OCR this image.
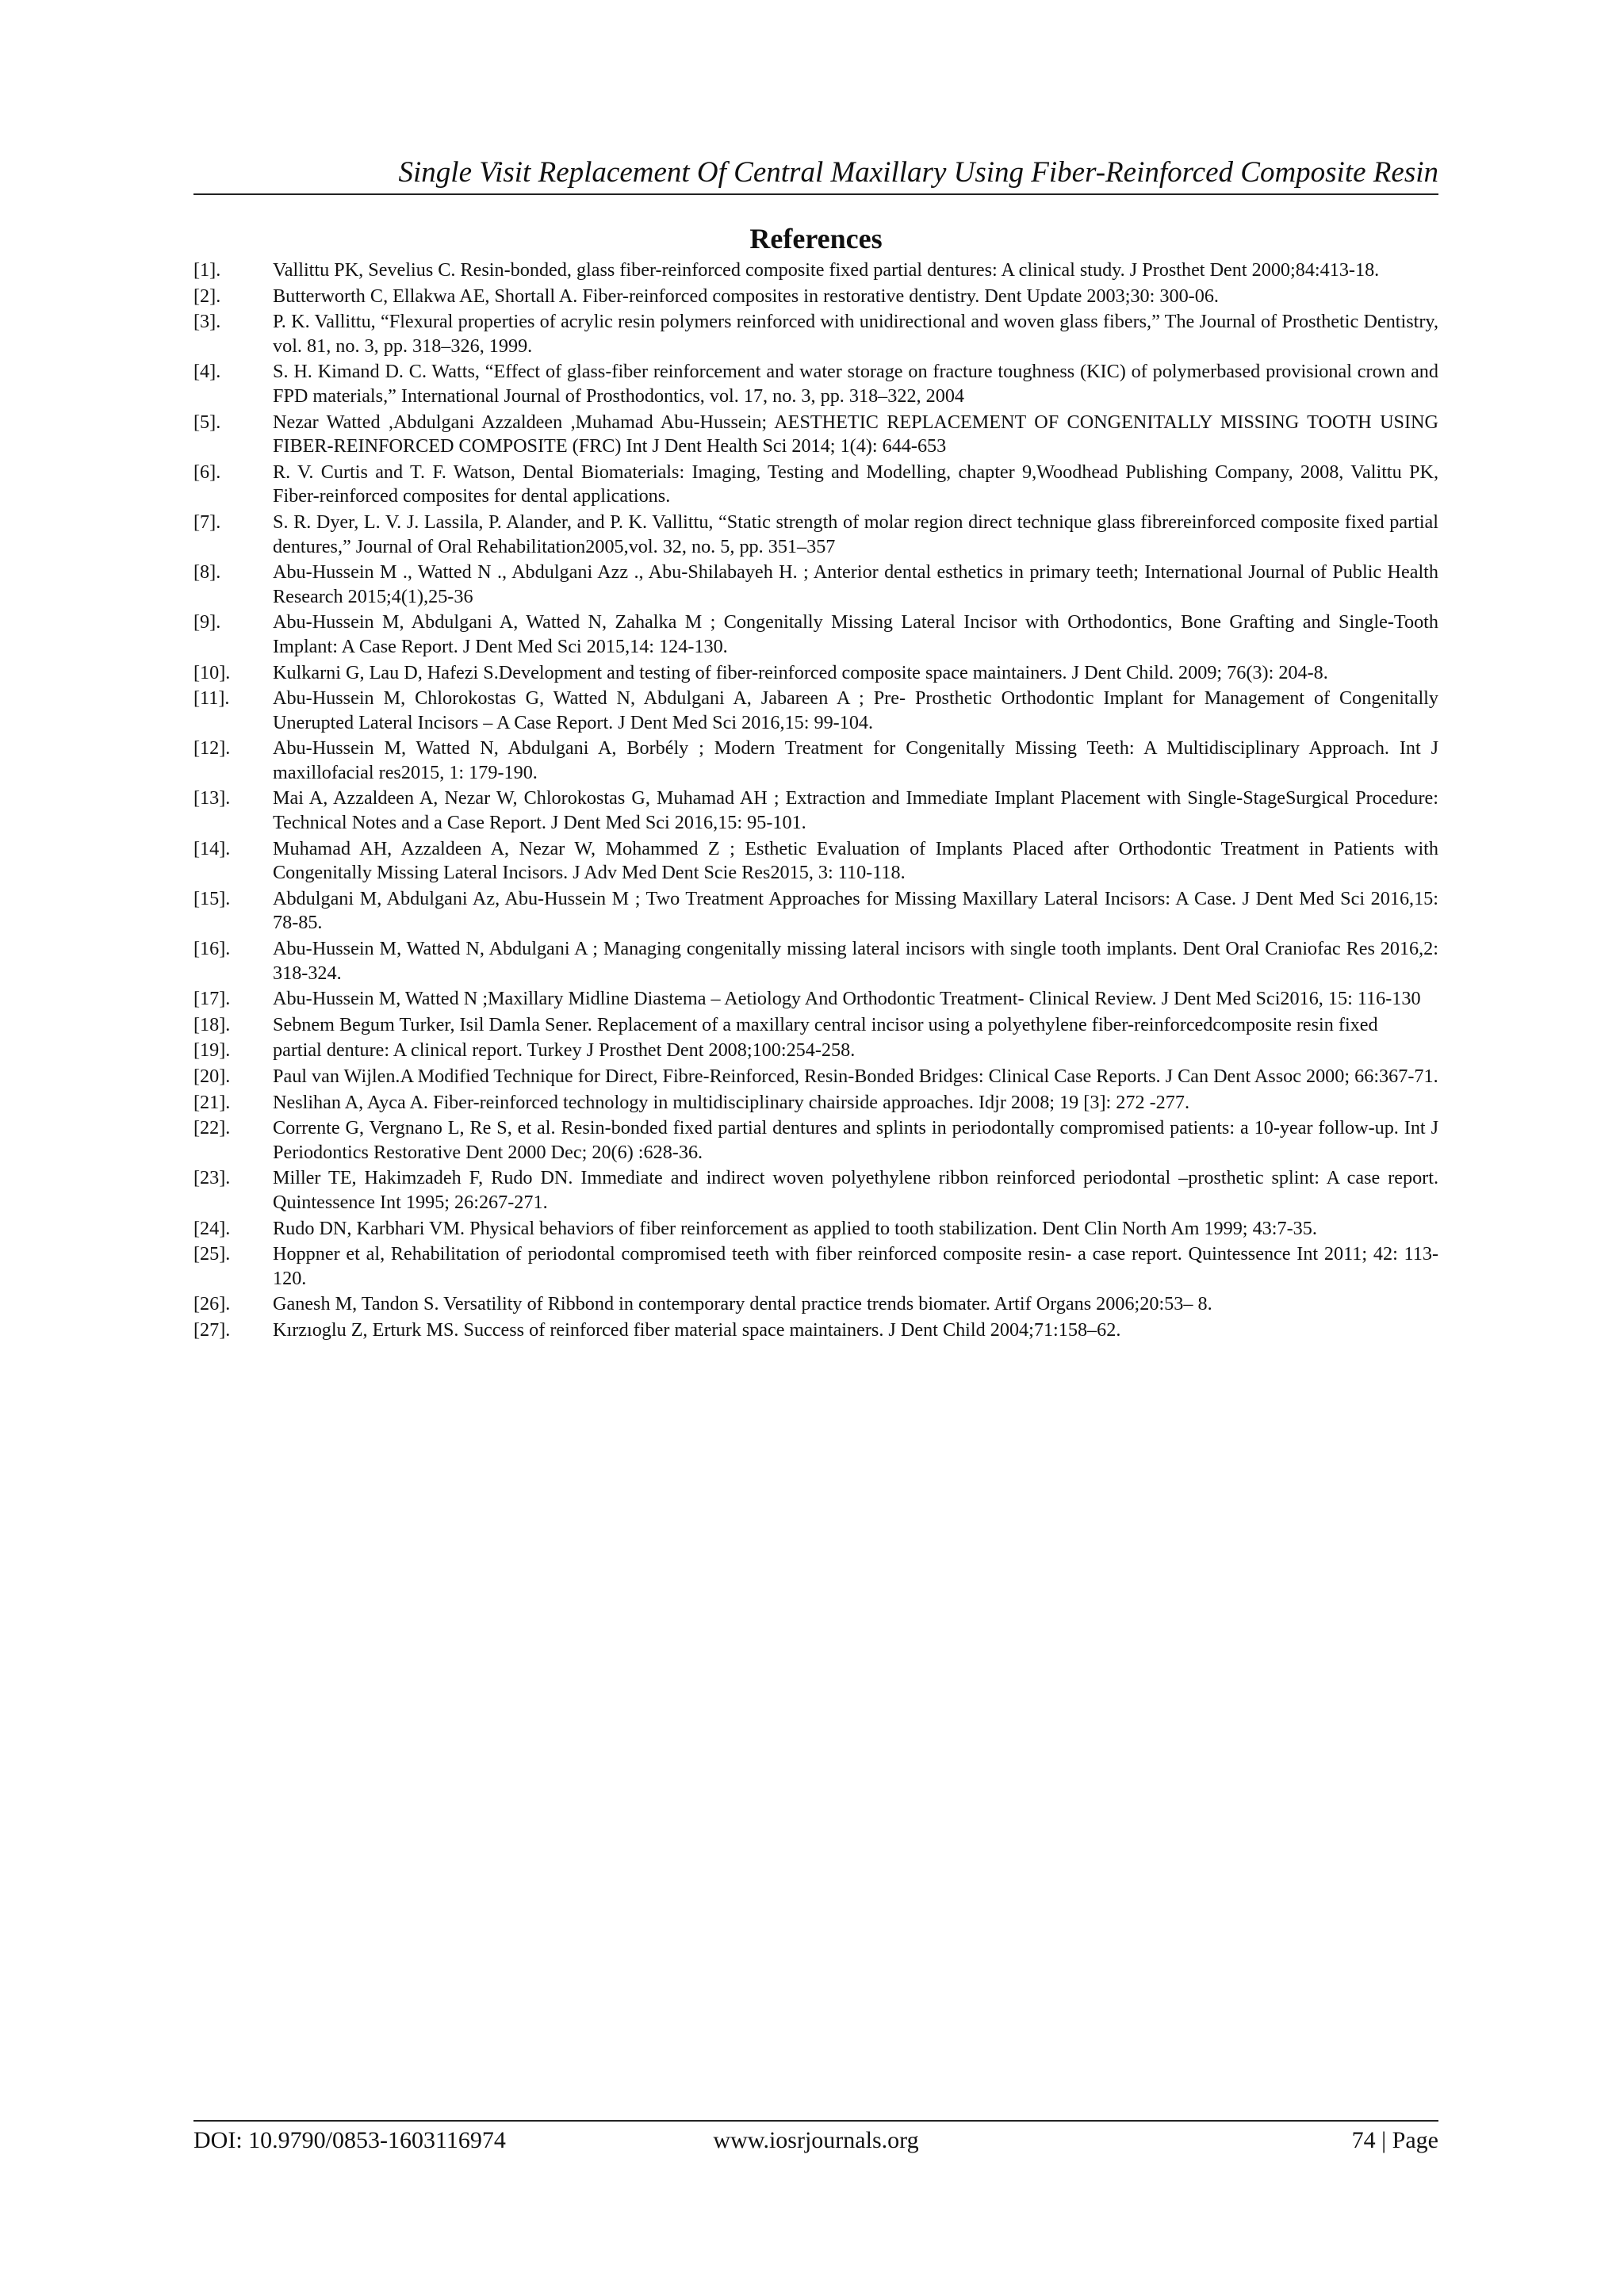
Single Visit Replacement Of Central Maxillary Using Fiber-Reinforced Composite Resin
References
[1].	Vallittu PK, Sevelius C. Resin-bonded, glass fiber-reinforced composite fixed partial dentures: A clinical study. J Prosthet Dent 2000;84:413-18.
[2].	Butterworth C, Ellakwa AE, Shortall A. Fiber-reinforced composites in restorative dentistry. Dent Update 2003;30: 300-06.
[3].	P. K. Vallittu, “Flexural properties of acrylic resin polymers reinforced with unidirectional and woven glass fibers,” The Journal of Prosthetic Dentistry, vol. 81, no. 3, pp. 318–326, 1999.
[4].	S. H. Kimand D. C. Watts, “Effect of glass-fiber reinforcement and water storage on fracture toughness (KIC) of polymerbased provisional crown and FPD materials,” International Journal of Prosthodontics, vol. 17, no. 3, pp. 318–322, 2004
[5].	Nezar Watted ,Abdulgani Azzaldeen ,Muhamad Abu-Hussein; AESTHETIC REPLACEMENT OF CONGENITALLY MISSING TOOTH USING FIBER-REINFORCED COMPOSITE (FRC) Int J Dent Health Sci 2014; 1(4): 644-653
[6].	R. V. Curtis and T. F. Watson, Dental Biomaterials: Imaging, Testing and Modelling, chapter 9,Woodhead Publishing Company, 2008, Valittu PK, Fiber-reinforced composites for dental applications.
[7].	S. R. Dyer, L. V. J. Lassila, P. Alander, and P. K. Vallittu, “Static strength of molar region direct technique glass fibrereinforced composite fixed partial dentures,” Journal of Oral Rehabilitation2005,vol. 32, no. 5, pp. 351–357
[8].	Abu-Hussein M ., Watted N ., Abdulgani Azz ., Abu-Shilabayeh H. ; Anterior dental esthetics in primary teeth; International Journal of Public Health Research 2015;4(1),25-36
[9].	Abu-Hussein M, Abdulgani A, Watted N, Zahalka M ; Congenitally Missing Lateral Incisor with Orthodontics, Bone Grafting and Single-Tooth Implant: A Case Report. J Dent Med Sci 2015,14: 124-130.
[10].	Kulkarni G, Lau D, Hafezi S.Development and testing of fiber-reinforced composite space maintainers. J Dent Child. 2009; 76(3): 204-8.
[11].	Abu-Hussein M, Chlorokostas G, Watted N, Abdulgani A, Jabareen A ; Pre- Prosthetic Orthodontic Implant for Management of Congenitally Unerupted Lateral Incisors – A Case Report. J Dent Med Sci 2016,15: 99-104.
[12].	Abu-Hussein M, Watted N, Abdulgani A, Borbély ; Modern Treatment for Congenitally Missing Teeth: A Multidisciplinary Approach. Int J maxillofacial res2015, 1: 179-190.
[13].	Mai A, Azzaldeen A, Nezar W, Chlorokostas G, Muhamad AH ; Extraction and Immediate Implant Placement with Single-StageSurgical Procedure: Technical Notes and a Case Report. J Dent Med Sci 2016,15: 95-101.
[14].	Muhamad AH, Azzaldeen A, Nezar W, Mohammed Z ; Esthetic Evaluation of Implants Placed after Orthodontic Treatment in Patients with Congenitally Missing Lateral Incisors. J Adv Med Dent Scie Res2015, 3: 110-118.
[15].	Abdulgani M, Abdulgani Az, Abu-Hussein M ; Two Treatment Approaches for Missing Maxillary Lateral Incisors: A Case. J Dent Med Sci 2016,15: 78-85.
[16].	Abu-Hussein M, Watted N, Abdulgani A ; Managing congenitally missing lateral incisors with single tooth implants. Dent Oral Craniofac Res 2016,2: 318-324.
[17].	Abu-Hussein M, Watted N ;Maxillary Midline Diastema – Aetiology And Orthodontic Treatment- Clinical Review. J Dent Med Sci2016, 15: 116-130
[18].	Sebnem Begum Turker, Isil Damla Sener. Replacement of a maxillary central incisor using a polyethylene fiber-reinforcedcomposite resin fixed
[19].	partial denture: A clinical report. Turkey J Prosthet Dent 2008;100:254-258.
[20].	Paul van Wijlen.A Modified Technique for Direct, Fibre-Reinforced, Resin-Bonded Bridges: Clinical Case Reports. J Can Dent Assoc 2000; 66:367-71.
[21].	Neslihan A, Ayca A. Fiber-reinforced technology in multidisciplinary chairside approaches. Idjr 2008; 19 [3]: 272 -277.
[22].	Corrente G, Vergnano L, Re S, et al. Resin-bonded fixed partial dentures and splints in periodontally compromised patients: a 10-year follow-up. Int J Periodontics Restorative Dent 2000 Dec; 20(6) :628-36.
[23].	Miller TE, Hakimzadeh F, Rudo DN. Immediate and indirect woven polyethylene ribbon reinforced periodontal –prosthetic splint: A case report. Quintessence Int 1995; 26:267-271.
[24].	Rudo DN, Karbhari VM. Physical behaviors of fiber reinforcement as applied to tooth stabilization. Dent Clin North Am 1999; 43:7-35.
[25].	Hoppner et al, Rehabilitation of periodontal compromised teeth with fiber reinforced composite resin- a case report. Quintessence Int 2011; 42: 113-120.
[26].	Ganesh M, Tandon S. Versatility of Ribbond in contemporary dental practice trends biomater. Artif Organs 2006;20:53– 8.
[27].	Kırzıoglu Z, Erturk MS. Success of reinforced fiber material space maintainers. J Dent Child 2004;71:158–62.
DOI: 10.9790/0853-1603116974	www.iosrjournals.org	74 | Page
